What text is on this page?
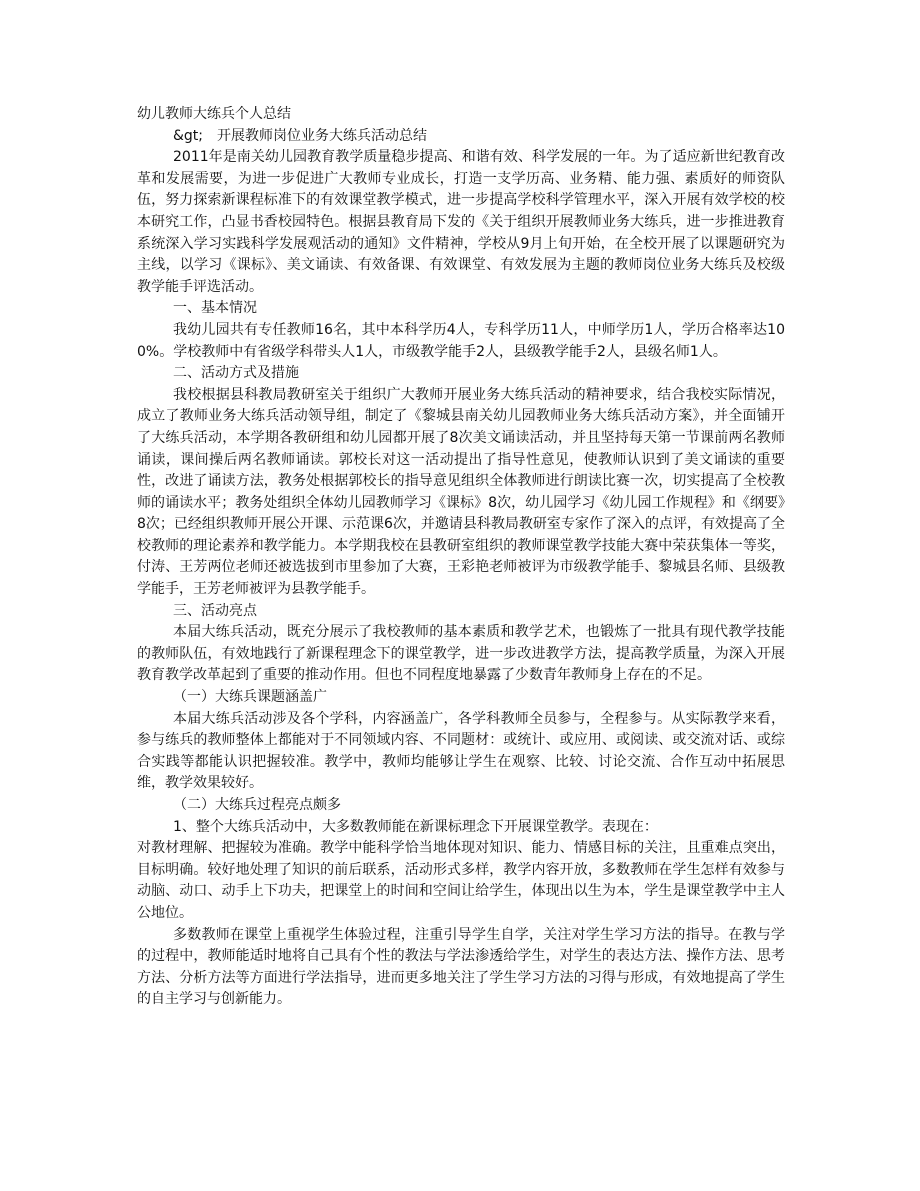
幼儿教师大练兵个人总结

&gt;　开展教师岗位业务大练兵活动总结

2011年是南关幼儿园教育教学质量稳步提高、和谐有效、科学发展的一年。为了适应新世纪教育改革和发展需要，为进一步促进广大教师专业成长，打造一支学历高、业务精、能力强、素质好的师资队伍，努力探索新课程标准下的有效课堂教学模式，进一步提高学校科学管理水平，深入开展有效学校的校本研究工作，凸显书香校园特色。根据县教育局下发的《关于组织开展教师业务大练兵，进一步推进教育系统深入学习实践科学发展观活动的通知》文件精神，学校从9月上旬开始，在全校开展了以课题研究为主线，以学习《课标》、美文诵读、有效备课、有效课堂、有效发展为主题的教师岗位业务大练兵及校级教学能手评选活动。

一、基本情况

我幼儿园共有专任教师16名，其中本科学历4人，专科学历11人，中师学历1人，学历合格率达100%。学校教师中有省级学科带头人1人，市级教学能手2人，县级教学能手2人，县级名师1人。

二、活动方式及措施

我校根据县科教局教研室关于组织广大教师开展业务大练兵活动的精神要求，结合我校实际情况，成立了教师业务大练兵活动领导组，制定了《黎城县南关幼儿园教师业务大练兵活动方案》，并全面铺开了大练兵活动，本学期各教研组和幼儿园都开展了8次美文诵读活动，并且坚持每天第一节课前两名教师诵读，课间操后两名教师诵读。郭校长对这一活动提出了指导性意见，使教师认识到了美文诵读的重要性，改进了诵读方法，教务处根据郭校长的指导意见组织全体教师进行朗读比赛一次，切实提高了全校教师的诵读水平；教务处组织全体幼儿园教师学习《课标》8次，幼儿园学习《幼儿园工作规程》和《纲要》8次；已经组织教师开展公开课、示范课6次，并邀请县科教局教研室专家作了深入的点评，有效提高了全校教师的理论素养和教学能力。本学期我校在县教研室组织的教师课堂教学技能大赛中荣获集体一等奖，付涛、王芳两位老师还被选拔到市里参加了大赛，王彩艳老师被评为市级教学能手、黎城县名师、县级教学能手，王芳老师被评为县教学能手。

三、活动亮点

本届大练兵活动，既充分展示了我校教师的基本素质和教学艺术，也锻炼了一批具有现代教学技能的教师队伍，有效地践行了新课程理念下的课堂教学，进一步改进教学方法，提高教学质量，为深入开展教育教学改革起到了重要的推动作用。但也不同程度地暴露了少数青年教师身上存在的不足。

（一）大练兵课题涵盖广

本届大练兵活动涉及各个学科，内容涵盖广，各学科教师全员参与，全程参与。从实际教学来看，参与练兵的教师整体上都能对于不同领域内容、不同题材：或统计、或应用、或阅读、或交流对话、或综合实践等都能认识把握较准。教学中，教师均能够让学生在观察、比较、讨论交流、合作互动中拓展思维，教学效果较好。

（二）大练兵过程亮点颇多

1、整个大练兵活动中，大多数教师能在新课标理念下开展课堂教学。表现在：

对教材理解、把握较为准确。教学中能科学恰当地体现对知识、能力、情感目标的关注，且重难点突出，目标明确。较好地处理了知识的前后联系，活动形式多样，教学内容开放，多数教师在学生怎样有效参与动脑、动口、动手上下功夫，把课堂上的时间和空间让给学生，体现出以生为本，学生是课堂教学中主人公地位。

多数教师在课堂上重视学生体验过程，注重引导学生自学，关注对学生学习方法的指导。在教与学的过程中，教师能适时地将自己具有个性的教法与学法渗透给学生，对学生的表达方法、操作方法、思考方法、分析方法等方面进行学法指导，进而更多地关注了学生学习方法的习得与形成，有效地提高了学生的自主学习与创新能力。
